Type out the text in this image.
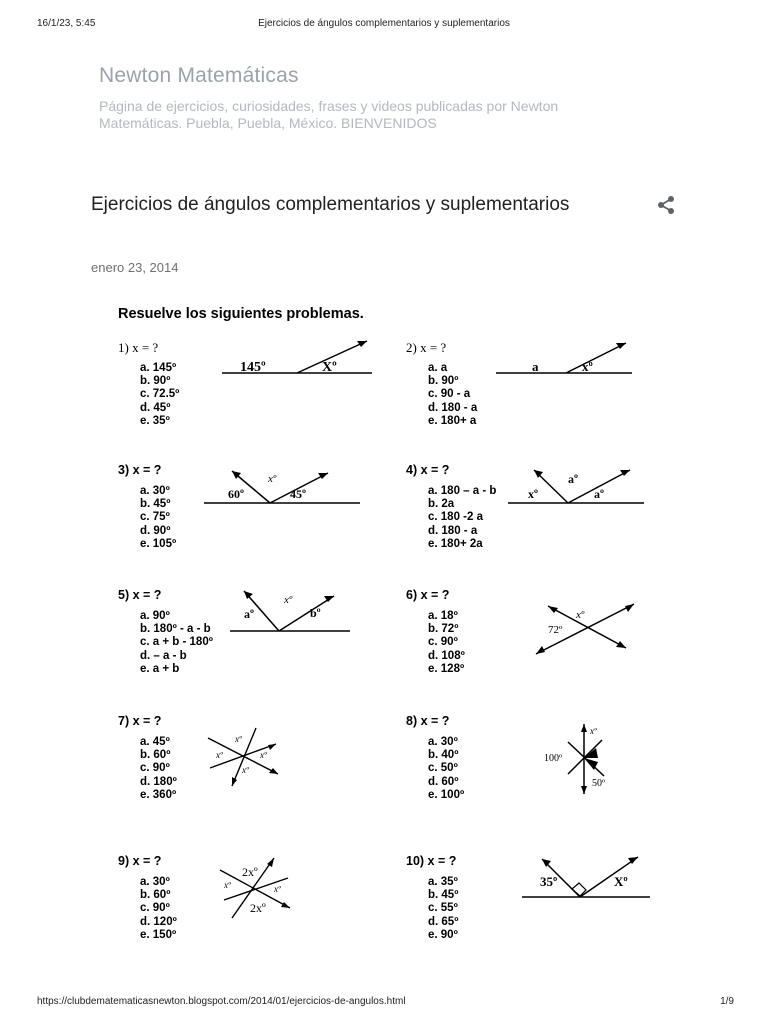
16/1/23, 5:45	Ejercicios de ángulos complementarios y suplementarios
Newton Matemáticas
Página de ejercicios, curiosidades, frases y videos publicadas por Newton Matemáticas. Puebla, Puebla, México. BIENVENIDOS
Ejercicios de ángulos complementarios y suplementarios
enero 23, 2014
Resuelve los siguientes problemas.
1) x = ?
a. 145º
b. 90º
c. 72.5º
d. 45º
e. 35º
145º	Xº
2) x = ?
a. a
b. 90º
c. 90 - a
d. 180 - a
e. 180+ a
a	xº
3) x = ?
a. 30º
b. 45º
c. 75º
d. 90º
e. 105º
60º
xº
45º
4) x = ?
a. 180 – a - b
b. 2a
c. 180 -2 a
d. 180 - a
e. 180+ 2a
xº
aº
aº
5) x = ?
a. 90º
b. 180º - a - b
c. a + b - 180º
d. – a - b
e. a + b
aº
xº
bº
6) x = ?
a. 18º
b. 72º
c. 90º
d. 108º
e. 128º
xº
72º
7) x = ?
a. 45º
b. 60º
c. 90º
d. 180º
e. 360º
xº
xº	xº
xº
8) x = ?
a. 30º
b. 40º
c. 50º
d. 60º
e. 100º
xº
100º
50º
9) x = ?
a. 30º
b. 60º
c. 90º
d. 120º
e. 150º
2xº
xº	xº
2xº
10) x = ?
a. 35º
b. 45º
c. 55º
d. 65º
e. 90º
35º	Xº
https://clubdematematicasnewton.blogspot.com/2014/01/ejercicios-de-angulos.html	1/9
